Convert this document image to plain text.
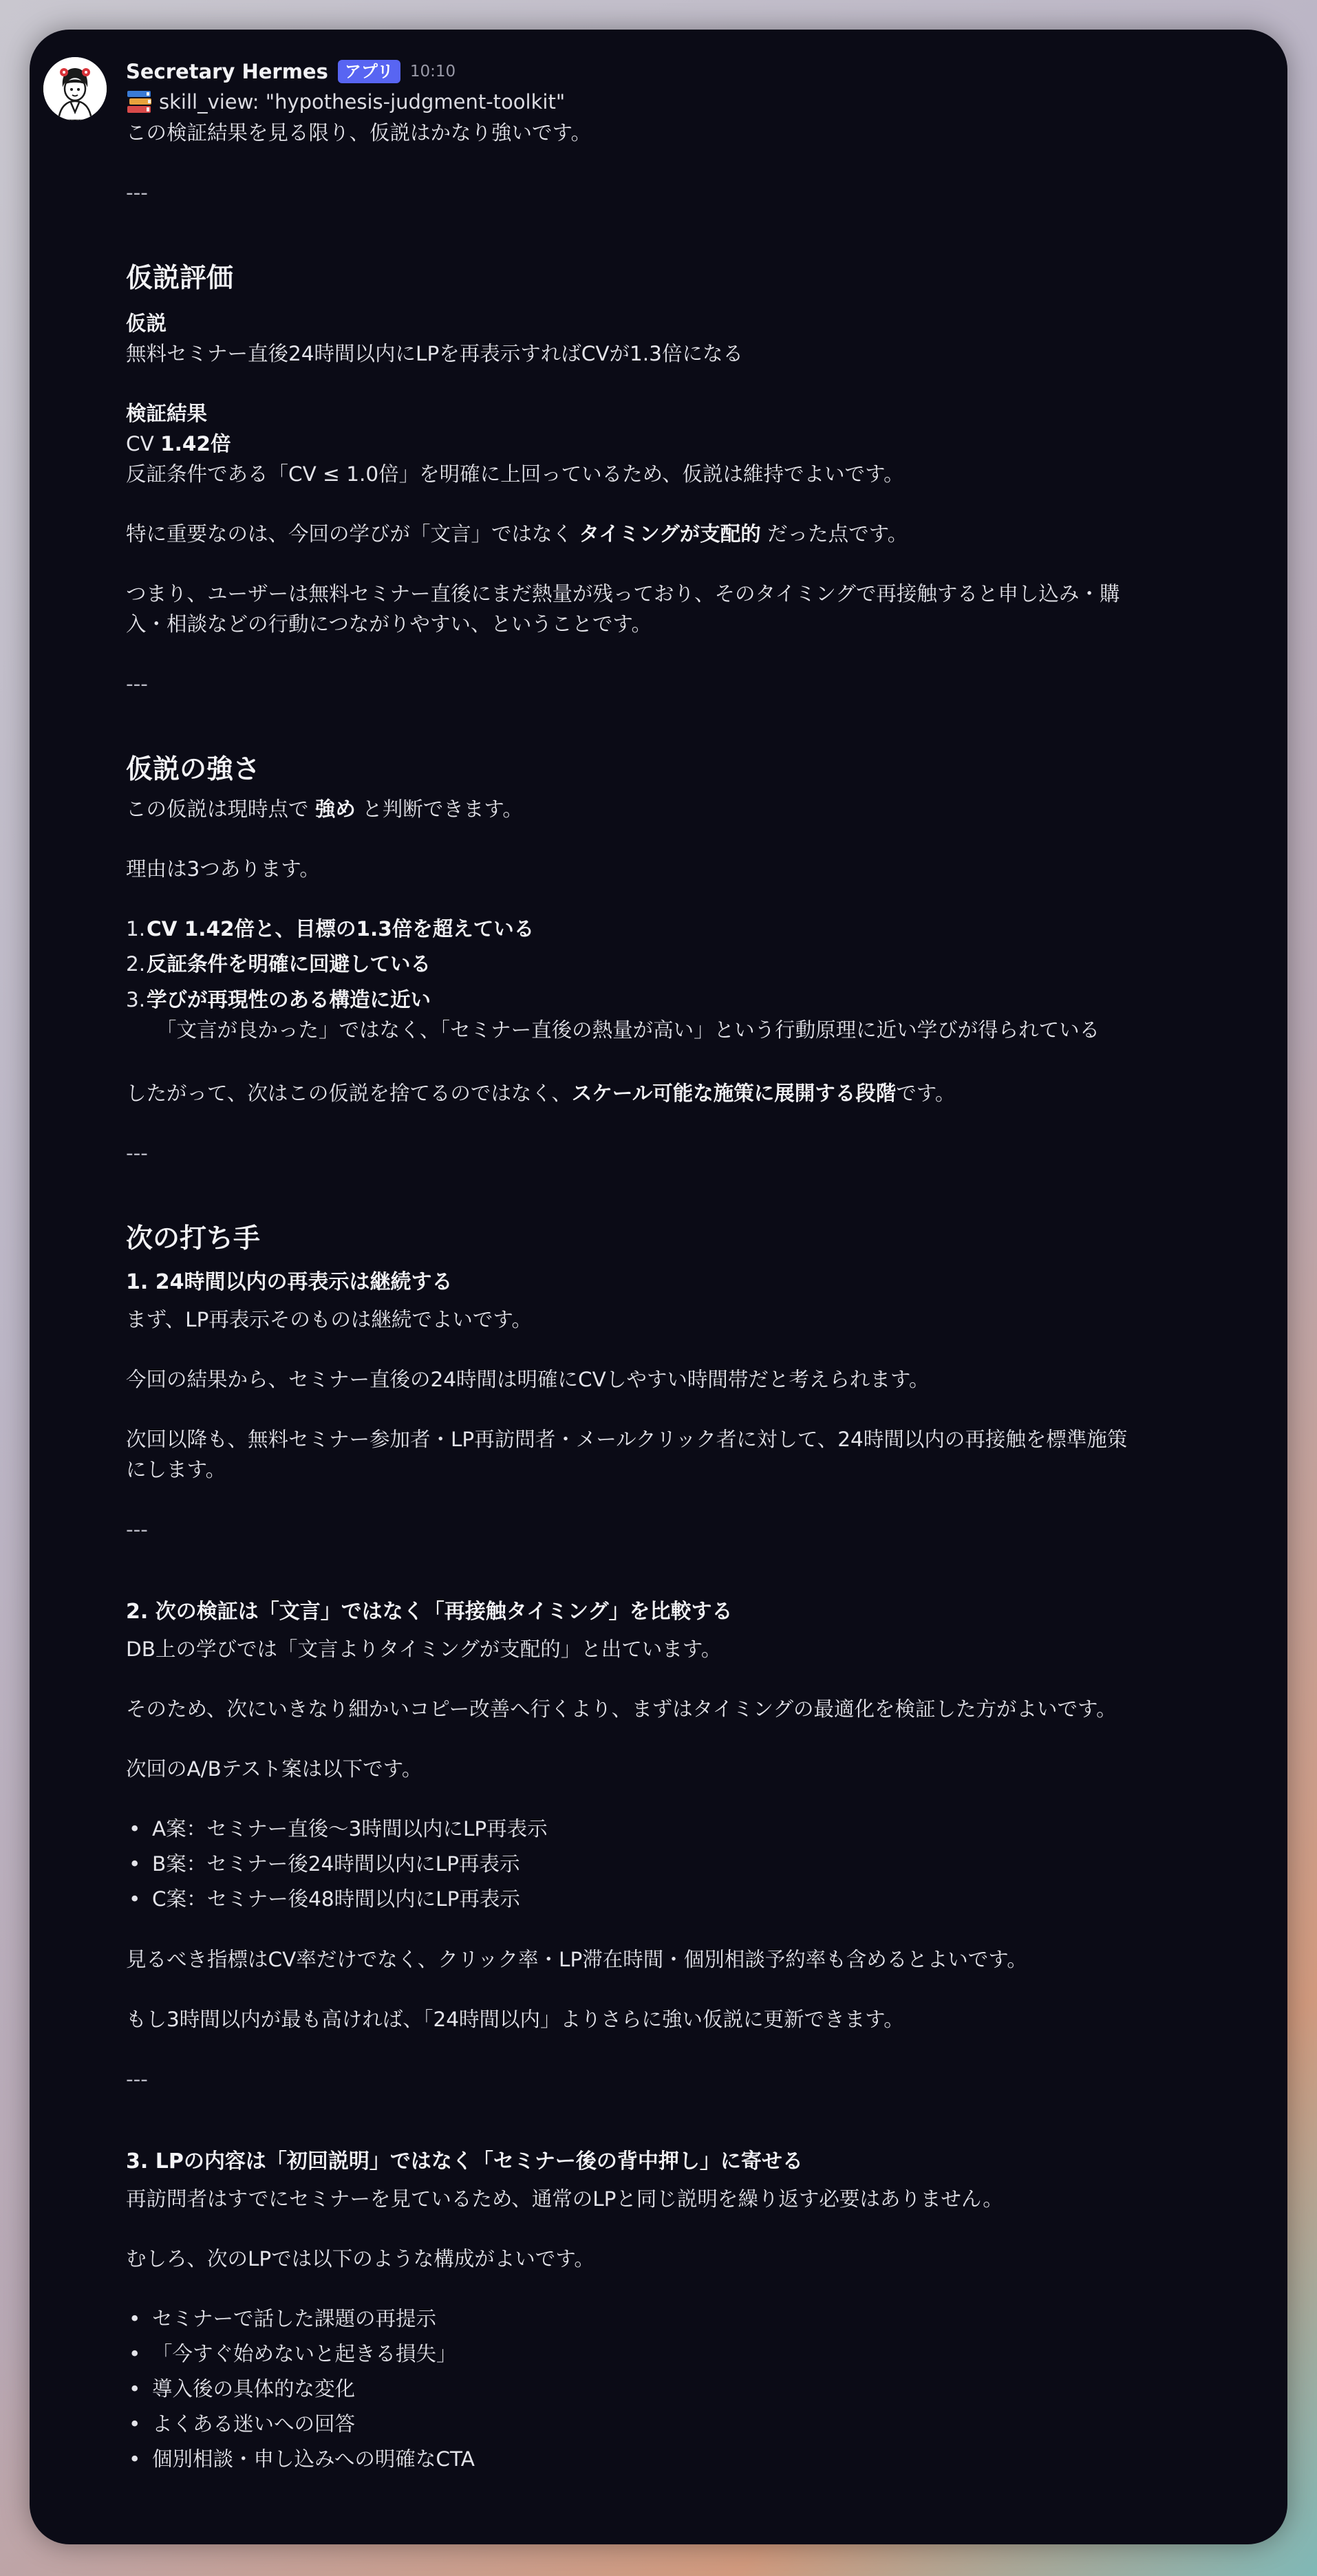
Secretary Hermes	アプリ	10:10
skill_view: "hypothesis-judgment-toolkit"

この検証結果を見る限り、仮説はかなり強いです。

---

仮説評価

仮説

無料セミナー直後24時間以内にLPを再表示すればCVが1.3倍になる

検証結果

CV 1.42倍

反証条件である「CV ≤ 1.0倍」を明確に上回っているため、仮説は維持でよいです。

特に重要なのは、今回の学びが「文言」ではなく タイミングが支配的 だった点です。

つまり、ユーザーは無料セミナー直後にまだ熱量が残っており、そのタイミングで再接触すると申し込み・購

入・相談などの行動につながりやすい、ということです。

---

仮説の強さ

この仮説は現時点で 強め と判断できます。

理由は3つあります。

1.CV 1.42倍と、目標の1.3倍を超えている
2.反証条件を明確に回避している
3.学びが再現性のある構造に近い

「文言が良かった」ではなく、「セミナー直後の熱量が高い」という行動原理に近い学びが得られている

したがって、次はこの仮説を捨てるのではなく、スケール可能な施策に展開する段階です。

---

次の打ち手

1. 24時間以内の再表示は継続する

まず、LP再表示そのものは継続でよいです。

今回の結果から、セミナー直後の24時間は明確にCVしやすい時間帯だと考えられます。

次回以降も、無料セミナー参加者・LP再訪問者・メールクリック者に対して、24時間以内の再接触を標準施策

にします。

---

2. 次の検証は「文言」ではなく「再接触タイミング」を比較する

DB上の学びでは「文言よりタイミングが支配的」と出ています。

そのため、次にいきなり細かいコピー改善へ行くより、まずはタイミングの最適化を検証した方がよいです。

次回のA/Bテスト案は以下です。

• A案：セミナー直後〜3時間以内にLP再表示
• B案：セミナー後24時間以内にLP再表示
• C案：セミナー後48時間以内にLP再表示

見るべき指標はCV率だけでなく、クリック率・LP滞在時間・個別相談予約率も含めるとよいです。

もし3時間以内が最も高ければ、「24時間以内」よりさらに強い仮説に更新できます。

---

3. LPの内容は「初回説明」ではなく「セミナー後の背中押し」に寄せる

再訪問者はすでにセミナーを見ているため、通常のLPと同じ説明を繰り返す必要はありません。

むしろ、次のLPでは以下のような構成がよいです。

• セミナーで話した課題の再提示
• 「今すぐ始めないと起きる損失」
• 導入後の具体的な変化
• よくある迷いへの回答
• 個別相談・申し込みへの明確なCTA
